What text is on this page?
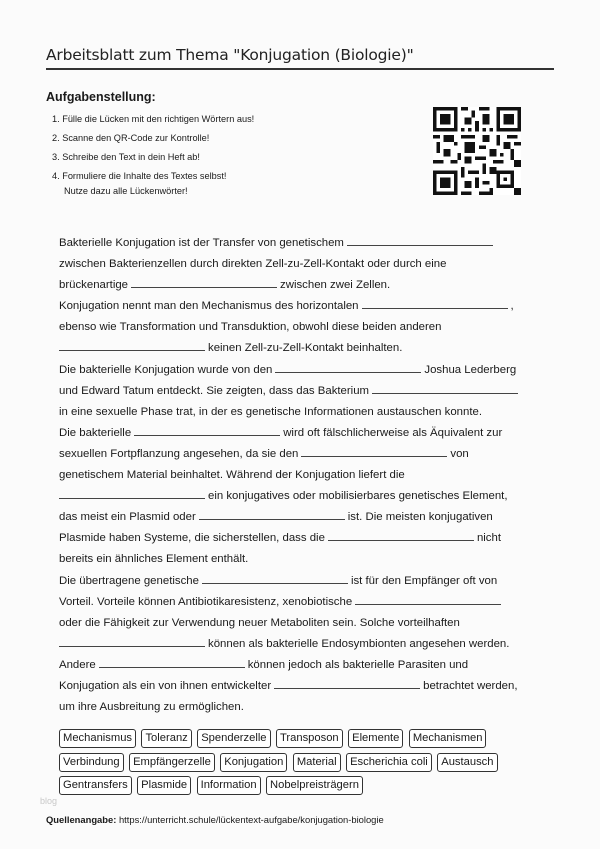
Arbeitsblatt zum Thema "Konjugation (Biologie)"
Aufgabenstellung:
1. Fülle die Lücken mit den richtigen Wörtern aus!
2. Scanne den QR-Code zur Kontrolle!
3. Schreibe den Text in dein Heft ab!
4. Formuliere die Inhalte des Textes selbst!
Nutze dazu alle Lückenwörter!
Bakterielle Konjugation ist der Transfer von genetischem
zwischen Bakterienzellen durch direkten Zell-zu-Zell-Kontakt oder durch eine
brückenartige	zwischen zwei Zellen.
Konjugation nennt man den Mechanismus des horizontalen	,
ebenso wie Transformation und Transduktion, obwohl diese beiden anderen
keinen Zell-zu-Zell-Kontakt beinhalten.
Die bakterielle Konjugation wurde von den	Joshua Lederberg
und Edward Tatum entdeckt. Sie zeigten, dass das Bakterium
in eine sexuelle Phase trat, in der es genetische Informationen austauschen konnte.
Die bakterielle	wird oft fälschlicherweise als Äquivalent zur
sexuellen Fortpflanzung angesehen, da sie den	von
genetischem Material beinhaltet. Während der Konjugation liefert die
ein konjugatives oder mobilisierbares genetisches Element,
das meist ein Plasmid oder	ist. Die meisten konjugativen
Plasmide haben Systeme, die sicherstellen, dass die	nicht
bereits ein ähnliches Element enthält.
Die übertragene genetische	ist für den Empfänger oft von
Vorteil. Vorteile können Antibiotikaresistenz, xenobiotische
oder die Fähigkeit zur Verwendung neuer Metaboliten sein. Solche vorteilhaften
können als bakterielle Endosymbionten angesehen werden.
Andere	können jedoch als bakterielle Parasiten und
Konjugation als ein von ihnen entwickelter	betrachtet werden,
um ihre Ausbreitung zu ermöglichen.
Mechanismus Toleranz Spenderzelle Transposon Elemente Mechanismen
Verbindung Empfängerzelle Konjugation Material Escherichia coli Austausch
Gentransfers Plasmide Information Nobelpreisträgern
blog
Quellenangabe: https://unterricht.schule/lückentext-aufgabe/konjugation-biologie
